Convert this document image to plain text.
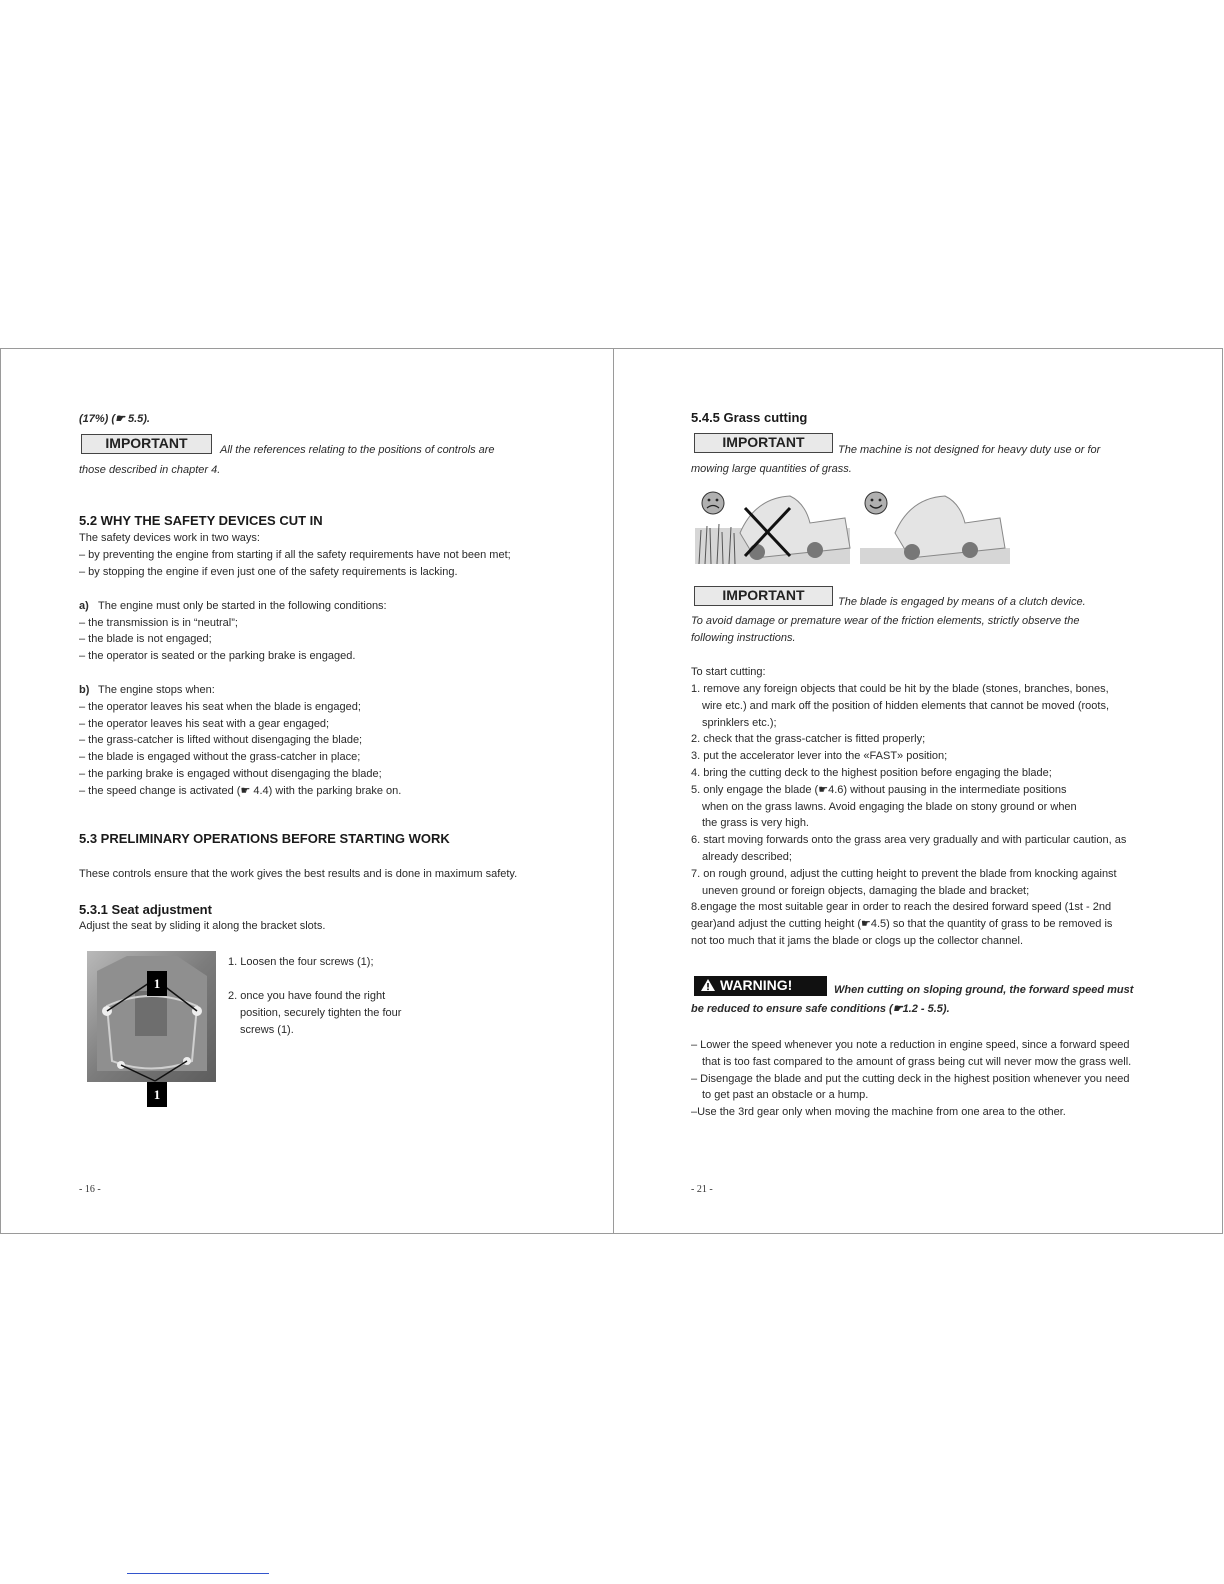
(17%) (☛ 5.5).
IMPORTANT	All the references relating to the positions of controls are
those described in chapter 4.
5.2 WHY THE SAFETY DEVICES CUT IN
The safety devices work in two ways:
– by preventing the engine from starting if all the safety requirements have not been met;
– by stopping the engine if even just one of the safety requirements is lacking.
a) The engine must only be started in the following conditions:
– the transmission is in “neutral”;
– the blade is not engaged;
– the operator is seated or the parking brake is engaged.
b) The engine stops when:
– the operator leaves his seat when the blade is engaged;
– the operator leaves his seat with a gear engaged;
– the grass-catcher is lifted without disengaging the blade;
– the blade is engaged without the grass-catcher in place;
– the parking brake is engaged without disengaging the blade;
– the speed change is activated (☛ 4.4) with the parking brake on.
5.3 PRELIMINARY OPERATIONS BEFORE STARTING WORK
These controls ensure that the work gives the best results and is done in maximum safety.
5.3.1 Seat adjustment
Adjust the seat by sliding it along the bracket slots.
1
1
1. Loosen the four screws (1);
2. once you have found the right
position, securely tighten the four
screws (1).
- 16 -
5.4.5 Grass cutting
IMPORTANT	The machine is not designed for heavy duty use or for
mowing large quantities of grass.
IMPORTANT	The blade is engaged by means of a clutch device.
To avoid damage or premature wear of the friction elements, strictly observe the
following instructions.
To start cutting:
1. remove any foreign objects that could be hit by the blade (stones, branches, bones,
wire etc.) and mark off the position of hidden elements that cannot be moved (roots,
sprinklers etc.);
2. check that the grass-catcher is fitted properly;
3. put the accelerator lever into the «FAST» position;
4. bring the cutting deck to the highest position before engaging the blade;
5. only engage the blade (☛4.6) without pausing in the intermediate positions
when on the grass lawns. Avoid engaging the blade on stony ground or when
the grass is very high.
6. start moving forwards onto the grass area very gradually and with particular caution, as
already described;
7. on rough ground, adjust the cutting height to prevent the blade from knocking against
uneven ground or foreign objects, damaging the blade and bracket;
8.engage the most suitable gear in order to reach the desired forward speed (1st - 2nd
gear)and adjust the cutting height (☛4.5) so that the quantity of grass to be removed is
not too much that it jams the blade or clogs up the collector channel.
WARNING!	When cutting on sloping ground, the forward speed must
be reduced to ensure safe conditions (☛1.2 - 5.5).
– Lower the speed whenever you note a reduction in engine speed, since a forward speed
that is too fast compared to the amount of grass being cut will never mow the grass well.
– Disengage the blade and put the cutting deck in the highest position whenever you need
to get past an obstacle or a hump.
–Use the 3rd gear only when moving the machine from one area to the other.
- 21 -
